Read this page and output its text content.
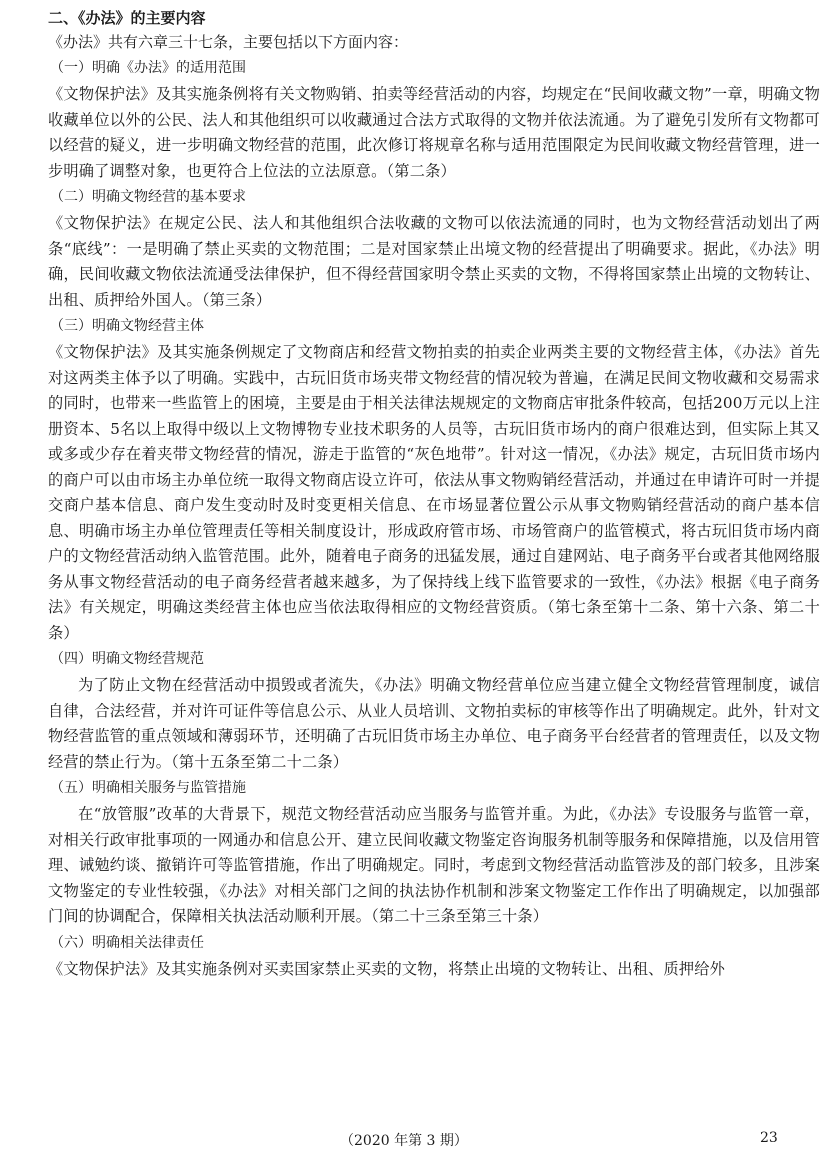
二、《办法》的主要内容

《办法》共有六章三十七条，主要包括以下方面内容：

（一）明确《办法》的适用范围

《文物保护法》及其实施条例将有关文物购销、拍卖等经营活动的内容，均规定在“民间收藏文物”一章，明确文物收藏单位以外的公民、法人和其他组织可以收藏通过合法方式取得的文物并依法流通。为了避免引发所有文物都可以经营的疑义，进一步明确文物经营的范围，此次修订将规章名称与适用范围限定为民间收藏文物经营管理，进一步明确了调整对象，也更符合上位法的立法原意。（第二条）

（二）明确文物经营的基本要求

《文物保护法》在规定公民、法人和其他组织合法收藏的文物可以依法流通的同时，也为文物经营活动划出了两条“底线”：一是明确了禁止买卖的文物范围；二是对国家禁止出境文物的经营提出了明确要求。据此，《办法》明确，民间收藏文物依法流通受法律保护，但不得经营国家明令禁止买卖的文物，不得将国家禁止出境的文物转让、出租、质押给外国人。（第三条）

（三）明确文物经营主体

《文物保护法》及其实施条例规定了文物商店和经营文物拍卖的拍卖企业两类主要的文物经营主体，《办法》首先对这两类主体予以了明确。实践中，古玩旧货市场夹带文物经营的情况较为普遍，在满足民间文物收藏和交易需求的同时，也带来一些监管上的困境，主要是由于相关法律法规规定的文物商店审批条件较高，包括200万元以上注册资本、5名以上取得中级以上文物博物专业技术职务的人员等，古玩旧货市场内的商户很难达到，但实际上其又或多或少存在着夹带文物经营的情况，游走于监管的“灰色地带”。针对这一情况，《办法》规定，古玩旧货市场内的商户可以由市场主办单位统一取得文物商店设立许可，依法从事文物购销经营活动，并通过在申请许可时一并提交商户基本信息、商户发生变动时及时变更相关信息、在市场显著位置公示从事文物购销经营活动的商户基本信息、明确市场主办单位管理责任等相关制度设计，形成政府管市场、市场管商户的监管模式，将古玩旧货市场内商户的文物经营活动纳入监管范围。此外，随着电子商务的迅猛发展，通过自建网站、电子商务平台或者其他网络服务从事文物经营活动的电子商务经营者越来越多，为了保持线上线下监管要求的一致性，《办法》根据《电子商务法》有关规定，明确这类经营主体也应当依法取得相应的文物经营资质。（第七条至第十二条、第十六条、第二十条）

（四）明确文物经营规范

为了防止文物在经营活动中损毁或者流失，《办法》明确文物经营单位应当建立健全文物经营管理制度，诚信自律，合法经营，并对许可证件等信息公示、从业人员培训、文物拍卖标的审核等作出了明确规定。此外，针对文物经营监管的重点领域和薄弱环节，还明确了古玩旧货市场主办单位、电子商务平台经营者的管理责任，以及文物经营的禁止行为。（第十五条至第二十二条）

（五）明确相关服务与监管措施

在“放管服”改革的大背景下，规范文物经营活动应当服务与监管并重。为此，《办法》专设服务与监管一章，对相关行政审批事项的一网通办和信息公开、建立民间收藏文物鉴定咨询服务机制等服务和保障措施，以及信用管理、诫勉约谈、撤销许可等监管措施，作出了明确规定。同时，考虑到文物经营活动监管涉及的部门较多，且涉案文物鉴定的专业性较强，《办法》对相关部门之间的执法协作机制和涉案文物鉴定工作作出了明确规定，以加强部门间的协调配合，保障相关执法活动顺利开展。（第二十三条至第三十条）

（六）明确相关法律责任

《文物保护法》及其实施条例对买卖国家禁止买卖的文物，将禁止出境的文物转让、出租、质押给外

（2020 年第 3 期）	23
